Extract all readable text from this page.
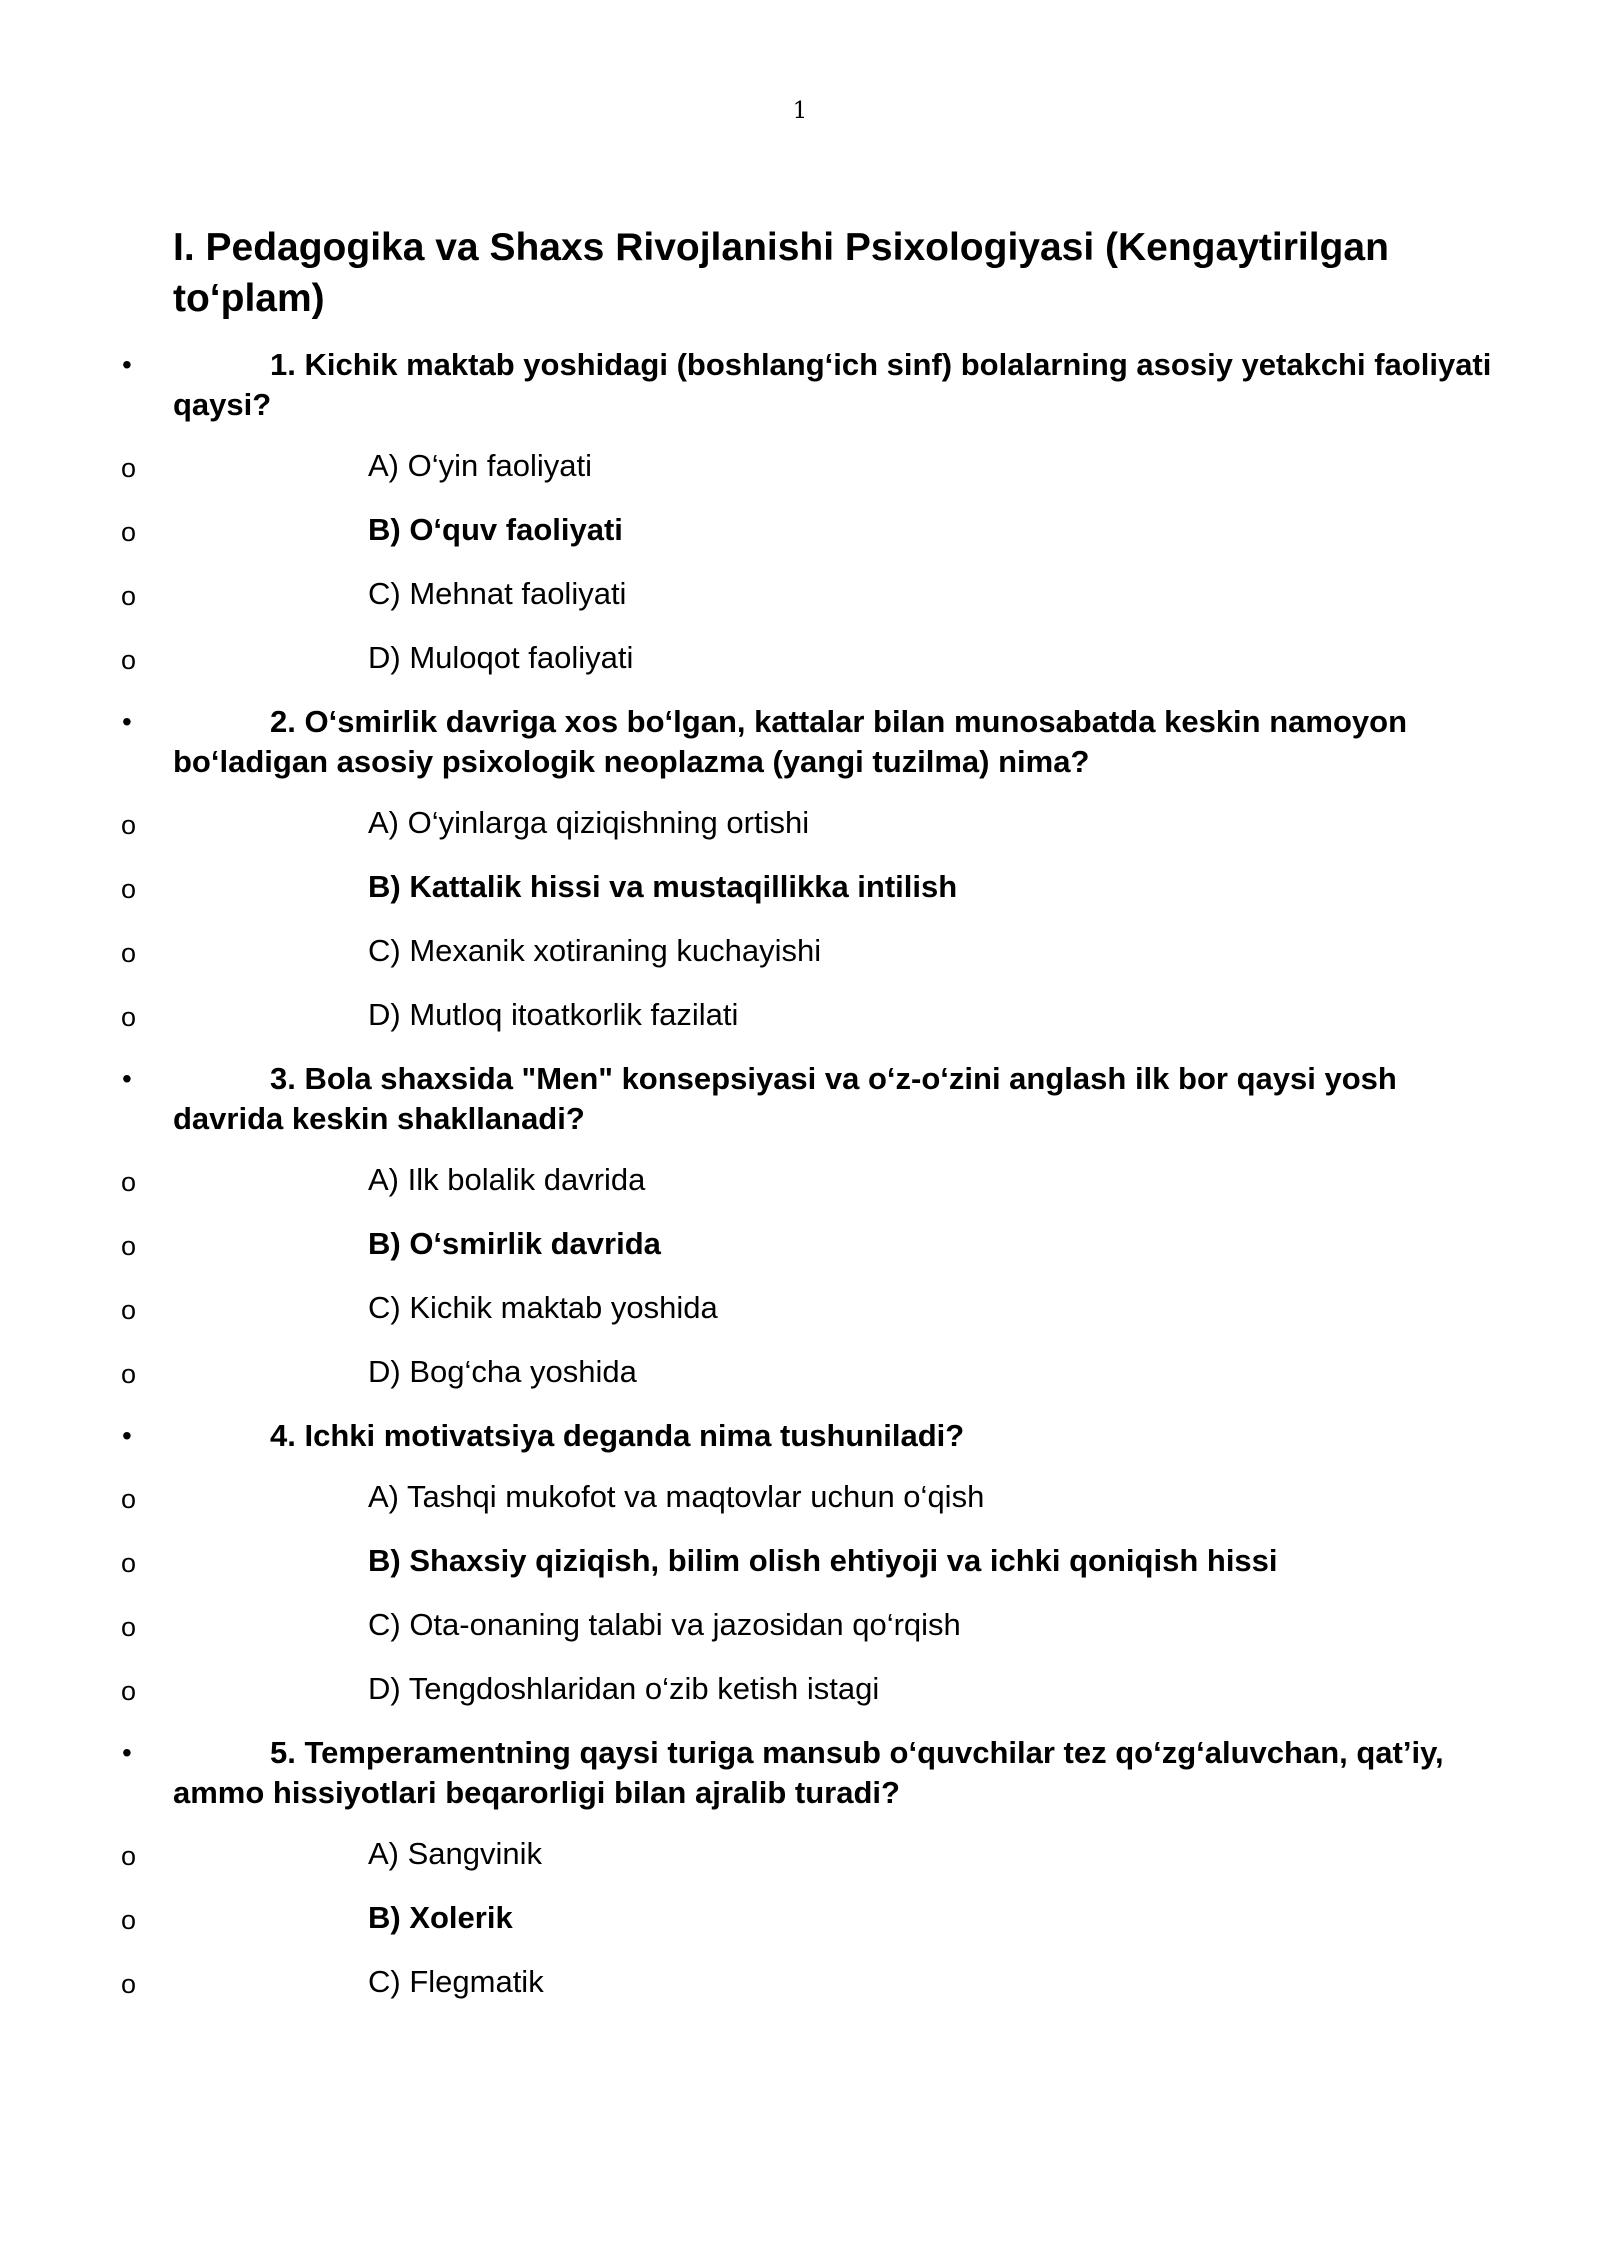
1
I. Pedagogika va Shaxs Rivojlanishi Psixologiyasi (Kengaytirilgan to‘plam)
•	1. Kichik maktab yoshidagi (boshlang‘ich sinf) bolalarning asosiy yetakchi faoliyati qaysi?
o	A) O‘yin faoliyati
o	B) O‘quv faoliyati
o	C) Mehnat faoliyati
o	D) Muloqot faoliyati
•	2. O‘smirlik davriga xos bo‘lgan, kattalar bilan munosabatda keskin namoyon bo‘ladigan asosiy psixologik neoplazma (yangi tuzilma) nima?
o	A) O‘yinlarga qiziqishning ortishi
o	B) Kattalik hissi va mustaqillikka intilish
o	C) Mexanik xotiraning kuchayishi
o	D) Mutloq itoatkorlik fazilati
•	3. Bola shaxsida "Men" konsepsiyasi va o‘z-o‘zini anglash ilk bor qaysi yosh davrida keskin shakllanadi?
o	A) Ilk bolalik davrida
o	B) O‘smirlik davrida
o	C) Kichik maktab yoshida
o	D) Bog‘cha yoshida
•	4. Ichki motivatsiya deganda nima tushuniladi?
o	A) Tashqi mukofot va maqtovlar uchun o‘qish
o	B) Shaxsiy qiziqish, bilim olish ehtiyoji va ichki qoniqish hissi
o	C) Ota-onaning talabi va jazosidan qo‘rqish
o	D) Tengdoshlaridan o‘zib ketish istagi
•	5. Temperamentning qaysi turiga mansub o‘quvchilar tez qo‘zg‘aluvchan, qat’iy, ammo hissiyotlari beqarorligi bilan ajralib turadi?
o	A) Sangvinik
o	B) Xolerik
o	C) Flegmatik
